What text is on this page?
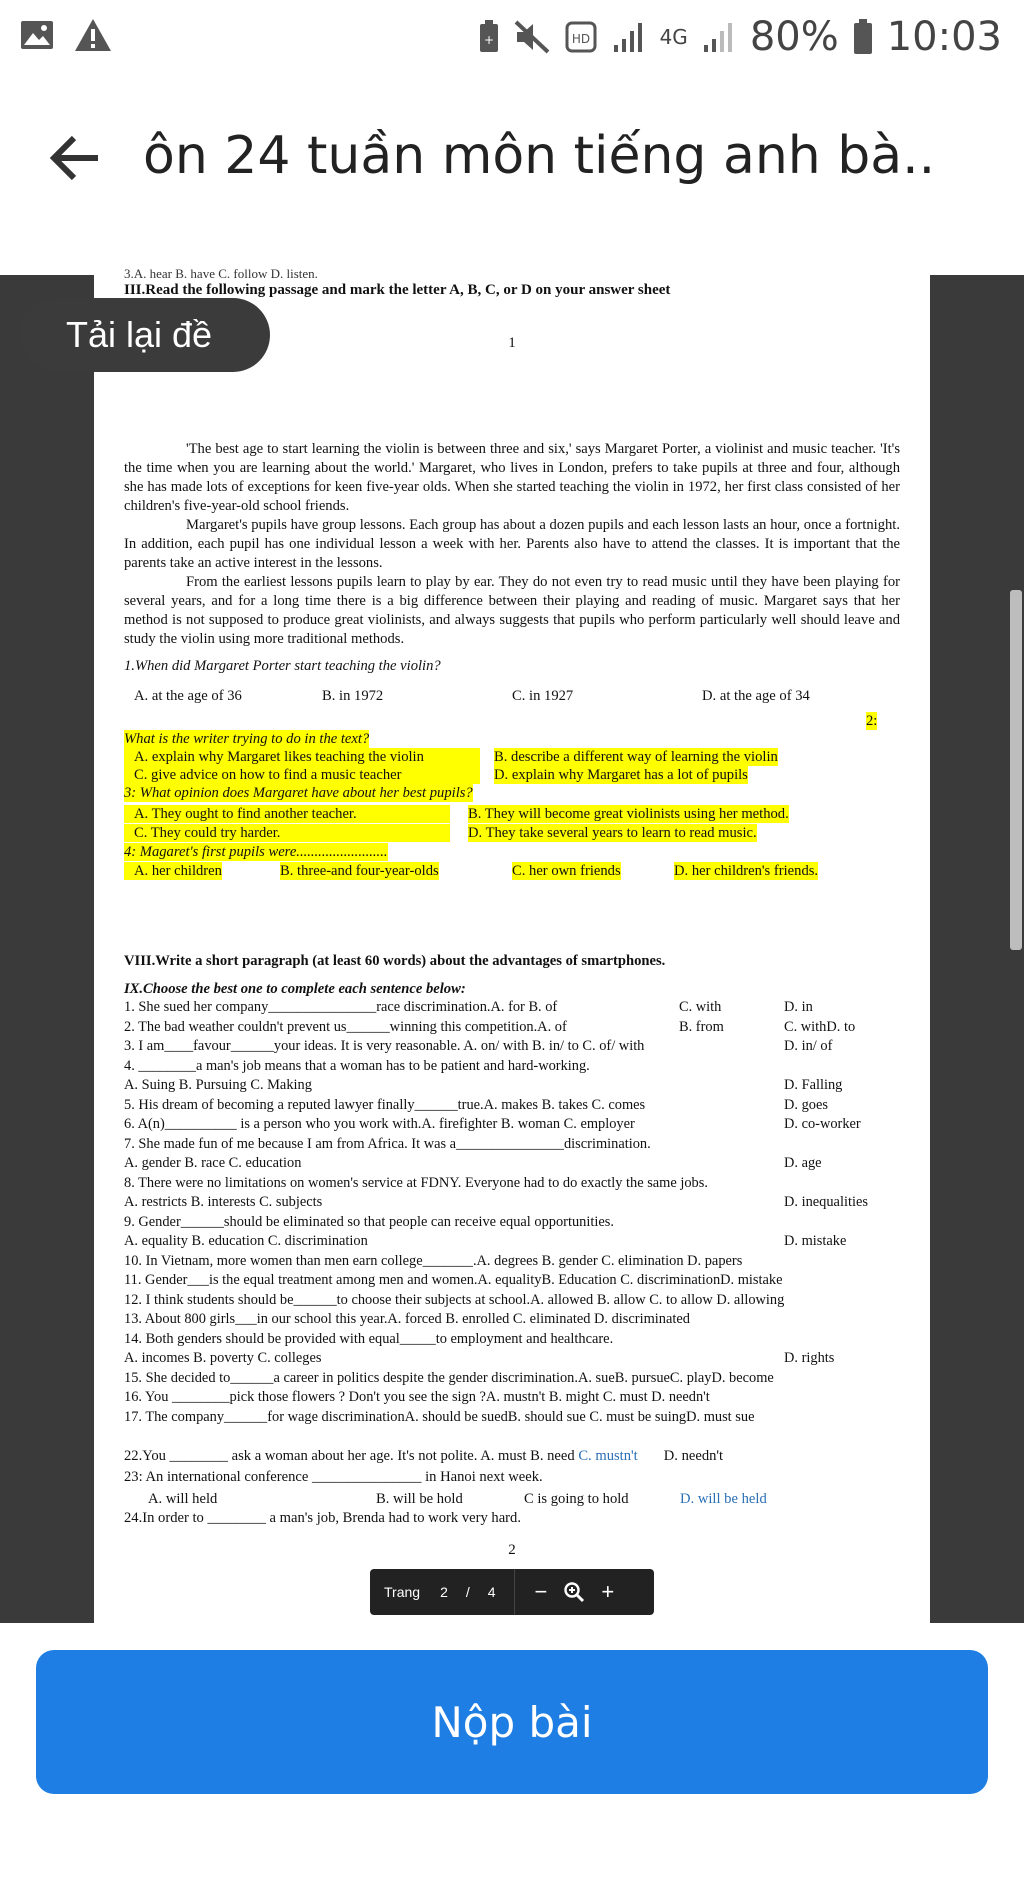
+	HD	4G 80% 10:03
ôn 24 tuần môn tiếng anh bà..
3.A. hear B. have C. follow D. listen.
III.Read the following passage and mark the letter A, B, C, or D on your answer sheet
1

'The best age to start learning the violin is between three and six,' says Margaret Porter, a violinist and music teacher. 'It's the time when you are learning about the world.' Margaret, who lives in London, prefers to take pupils at three and four, although she has made lots of exceptions for keen five-year olds. When she started teaching the violin in 1972, her first class consisted of her children's five-year-old school friends.

Margaret's pupils have group lessons. Each group has about a dozen pupils and each lesson lasts an hour, once a fortnight. In addition, each pupil has one individual lesson a week with her. Parents also have to attend the classes. It is important that the parents take an active interest in the lessons.

From the earliest lessons pupils learn to play by ear. They do not even try to read music until they have been playing for several years, and for a long time there is a big difference between their playing and reading of music. Margaret says that her method is not supposed to produce great violinists, and always suggests that pupils who perform particularly well should leave and study the violin using more traditional methods.

1.When did Margaret Porter start teaching the violin?
A. at the age of 36	B. in 1972	C. in 1927	D. at the age of 34
2:
What is the writer trying to do in the text?
A. explain why Margaret likes teaching the violin	B. describe a different way of learning the violin
C. give advice on how to find a music teacher	D. explain why Margaret has a lot of pupils
3: What opinion does Margaret have about her best pupils?
A. They ought to find another teacher.	B. They will become great violinists using her method.
C. They could try harder.	D. They take several years to learn to read music.
4: Magaret's first pupils were.........................
A. her children	B. three-and four-year-olds	C. her own friends	D. her children's friends.
VIII.Write a short paragraph (at least 60 words) about the advantages of smartphones.
IX.Choose the best one to complete each sentence below:
1. She sued her company_______________race discrimination.A. for B. of	C. with	D. in
2. The bad weather couldn't prevent us______winning this competition.A. of	B. from	C. withD. to
3. I am____favour______your ideas. It is very reasonable. A. on/ with B. in/ to C. of/ with	D. in/ of
4. ________a man's job means that a woman has to be patient and hard-working.
A. Suing B. Pursuing C. Making	D. Falling
5. His dream of becoming a reputed lawyer finally______true.A. makes B. takes C. comes	D. goes
6. A(n)__________ is a person who you work with.A. firefighter B. woman C. employer	D. co-worker
7. She made fun of me because I am from Africa. It was a_______________discrimination.
A. gender B. race C. education	D. age
8. There were no limitations on women's service at FDNY. Everyone had to do exactly the same jobs.
A. restricts B. interests C. subjects	D. inequalities
9. Gender______should be eliminated so that people can receive equal opportunities.
A. equality B. education C. discrimination	D. mistake
10. In Vietnam, more women than men earn college_______.A. degrees B. gender C. elimination D. papers
11. Gender___is the equal treatment among men and women.A. equalityB. Education C. discriminationD. mistake
12. I think students should be______to choose their subjects at school.A. allowed B. allow C. to allow D. allowing
13. About 800 girls___in our school this year.A. forced B. enrolled C. eliminated D. discriminated
14. Both genders should be provided with equal_____to employment and healthcare.
A. incomes B. poverty C. colleges	D. rights
15. She decided to______a career in politics despite the gender discrimination.A. sueB. pursueC. playD. become
16. You ________pick those flowers ? Don't you see the sign ?A. mustn't B. might C. must D. needn't
17. The company______for wage discriminationA. should be suedB. should sue C. must be suingD. must sue
22.You ________ ask a woman about her age. It's not polite. A. must B. need C. mustn't D. needn't
23: An international conference _______________ in Hanoi next week.
A. will held	B. will be hold	C is going to hold	D. will be held
24.In order to ________ a man's job, Brenda had to work very hard.
2
Tải lại đề
Trang 2 / 4 − +
Nộp bài
